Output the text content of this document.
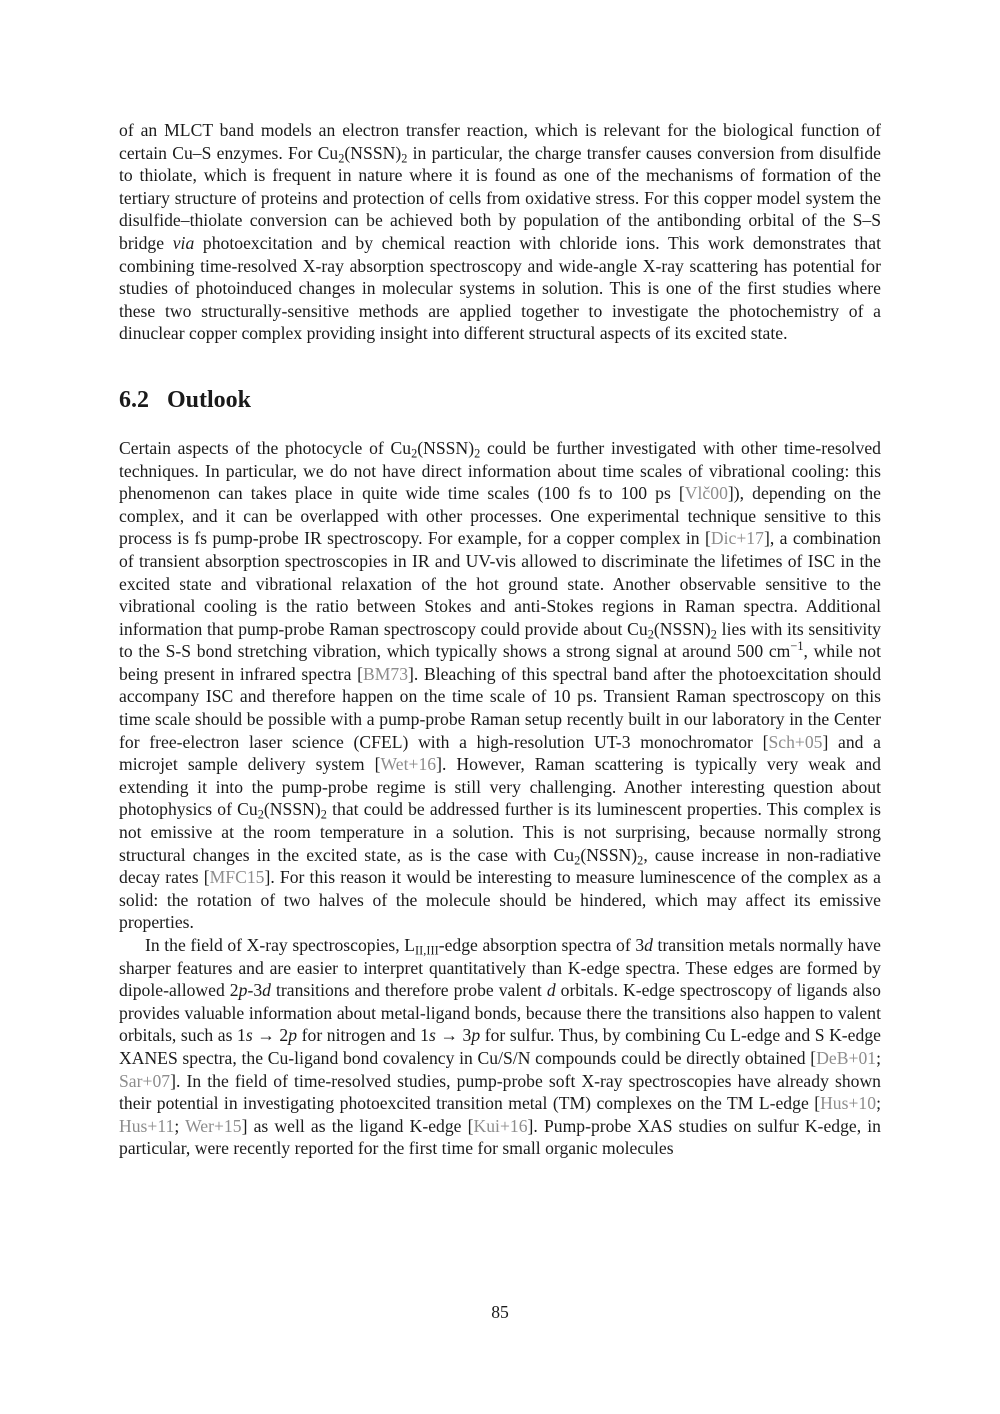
of an MLCT band models an electron transfer reaction, which is relevant for the biological function of certain Cu–S enzymes. For $Cu_2(NSSN)_2$ in particular, the charge transfer causes conversion from disulfide to thiolate, which is frequent in nature where it is found as one of the mechanisms of formation of the tertiary structure of proteins and protection of cells from oxidative stress. For this copper model system the disulfide–thiolate conversion can be achieved both by population of the antibonding orbital of the S–S bridge via photoexcitation and by chemical reaction with chloride ions. This work demonstrates that combining time-resolved X-ray absorption spectroscopy and wide-angle X-ray scattering has potential for studies of photoinduced changes in molecular systems in solution. This is one of the first studies where these two structurally-sensitive methods are applied together to investigate the photochemistry of a dinuclear copper complex providing insight into different structural aspects of its excited state.

6.2 Outlook

Certain aspects of the photocycle of $Cu_2(NSSN)_2$ could be further investigated with other time-resolved techniques. In particular, we do not have direct information about time scales of vibrational cooling: this phenomenon can takes place in quite wide time scales (100 fs to 100 ps [Vlč00]), depending on the complex, and it can be overlapped with other processes. One experimental technique sensitive to this process is fs pump-probe IR spectroscopy. For example, for a copper complex in [Dic+17], a combination of transient absorption spectroscopies in IR and UV-vis allowed to discriminate the lifetimes of ISC in the excited state and vibrational relaxation of the hot ground state. Another observable sensitive to the vibrational cooling is the ratio between Stokes and anti-Stokes regions in Raman spectra. Additional information that pump-probe Raman spectroscopy could provide about $Cu_2(NSSN)_2$ lies with its sensitivity to the S-S bond stretching vibration, which typically shows a strong signal at around 500 $cm^{-1}$, while not being present in infrared spectra [BM73]. Bleaching of this spectral band after the photoexcitation should accompany ISC and therefore happen on the time scale of 10 ps. Transient Raman spectroscopy on this time scale should be possible with a pump-probe Raman setup recently built in our laboratory in the Center for free-electron laser science (CFEL) with a high-resolution UT-3 monochromator [Sch+05] and a microjet sample delivery system [Wet+16]. However, Raman scattering is typically very weak and extending it into the pump-probe regime is still very challenging. Another interesting question about photophysics of $Cu_2(NSSN)_2$ that could be addressed further is its luminescent properties. This complex is not emissive at the room temperature in a solution. This is not surprising, because normally strong structural changes in the excited state, as is the case with $Cu_2(NSSN)_2$, cause increase in non-radiative decay rates [MFC15]. For this reason it would be interesting to measure luminescence of the complex as a solid: the rotation of two halves of the molecule should be hindered, which may affect its emissive properties.

In the field of X-ray spectroscopies, $L_{II,III}$-edge absorption spectra of 3d transition metals normally have sharper features and are easier to interpret quantitatively than K-edge spectra. These edges are formed by dipole-allowed 2p-3d transitions and therefore probe valent d orbitals. K-edge spectroscopy of ligands also provides valuable information about metal-ligand bonds, because there the transitions also happen to valent orbitals, such as 1s → 2p for nitrogen and 1s → 3p for sulfur. Thus, by combining Cu L-edge and S K-edge XANES spectra, the Cu-ligand bond covalency in Cu/S/N compounds could be directly obtained [DeB+01; Sar+07]. In the field of time-resolved studies, pump-probe soft X-ray spectroscopies have already shown their potential in investigating photoexcited transition metal (TM) complexes on the TM L-edge [Hus+10; Hus+11; Wer+15] as well as the ligand K-edge [Kui+16]. Pump-probe XAS studies on sulfur K-edge, in particular, were recently reported for the first time for small organic molecules

85
